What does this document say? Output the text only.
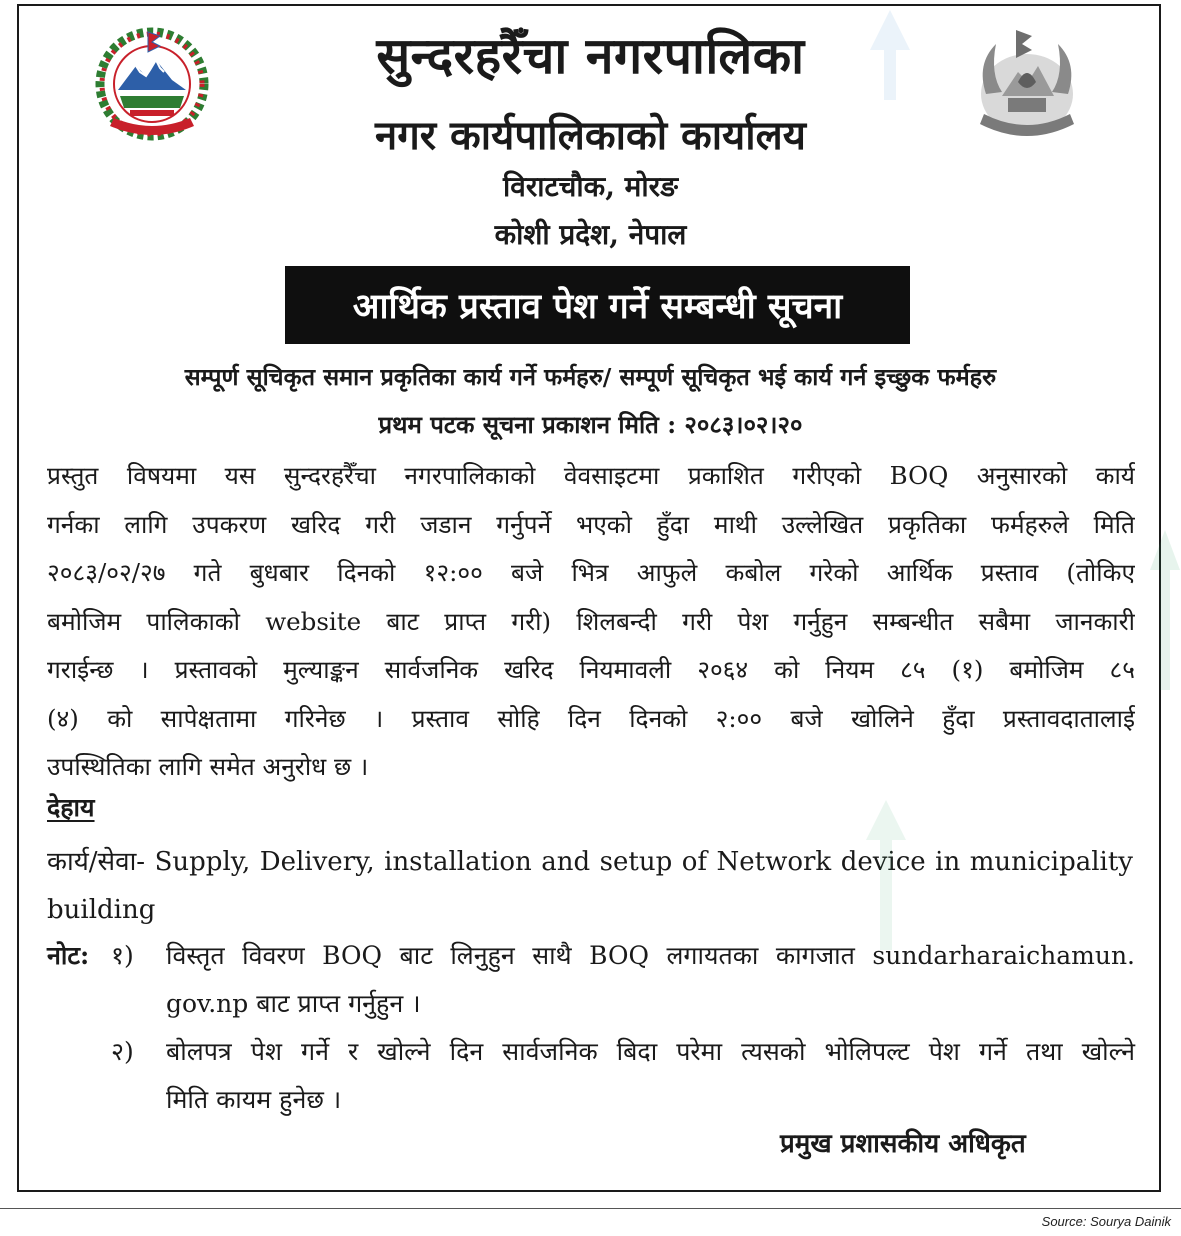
सुन्दरहरैँचा नगरपालिका
नगर कार्यपालिकाको कार्यालय
विराटचौक, मोरङ
कोशी प्रदेश, नेपाल
आर्थिक प्रस्ताव पेश गर्ने सम्बन्धी सूचना
सम्पूर्ण सूचिकृत समान प्रकृतिका कार्य गर्ने फर्महरु/ सम्पूर्ण सूचिकृत भई कार्य गर्न इच्छुक फर्महरु
प्रथम पटक सूचना प्रकाशन मिति : २०८३।०२।२०
प्रस्तुत विषयमा यस सुन्दरहरैँचा नगरपालिकाको वेवसाइटमा प्रकाशित गरीएको BOQ अनुसारको कार्य
गर्नका लागि उपकरण खरिद गरी जडान गर्नुपर्ने भएको हुँदा माथी उल्लेखित प्रकृतिका फर्महरुले मिति
२०८३/०२/२७ गते बुधबार दिनको १२:०० बजे भित्र आफुले कबोल गरेको आर्थिक प्रस्ताव (तोकिए
बमोजिम पालिकाको website बाट प्राप्त गरी) शिलबन्दी गरी पेश गर्नुहुन सम्बन्धीत सबैमा जानकारी
गराईन्छ । प्रस्तावको मुल्याङ्कन सार्वजनिक खरिद नियमावली २०६४ को नियम ८५ (१) बमोजिम ८५
(४) को सापेक्षतामा गरिनेछ । प्रस्ताव सोहि दिन दिनको २:०० बजे खोलिने हुँदा प्रस्तावदातालाई
उपस्थितिका लागि समेत अनुरोध छ ।
देहाय
कार्य/सेवा- Supply, Delivery, installation and setup of Network device in municipality
building
नोट: १)	विस्तृत विवरण BOQ बाट लिनुहुन साथै BOQ लगायतका कागजात sundarharaichamun.
gov.np बाट प्राप्त गर्नुहुन ।
२)	बोलपत्र पेश गर्ने र खोल्ने दिन सार्वजनिक बिदा परेमा त्यसको भोलिपल्ट पेश गर्ने तथा खोल्ने
मिति कायम हुनेछ ।
प्रमुख प्रशासकीय अधिकृत
Source: Sourya Dainik
